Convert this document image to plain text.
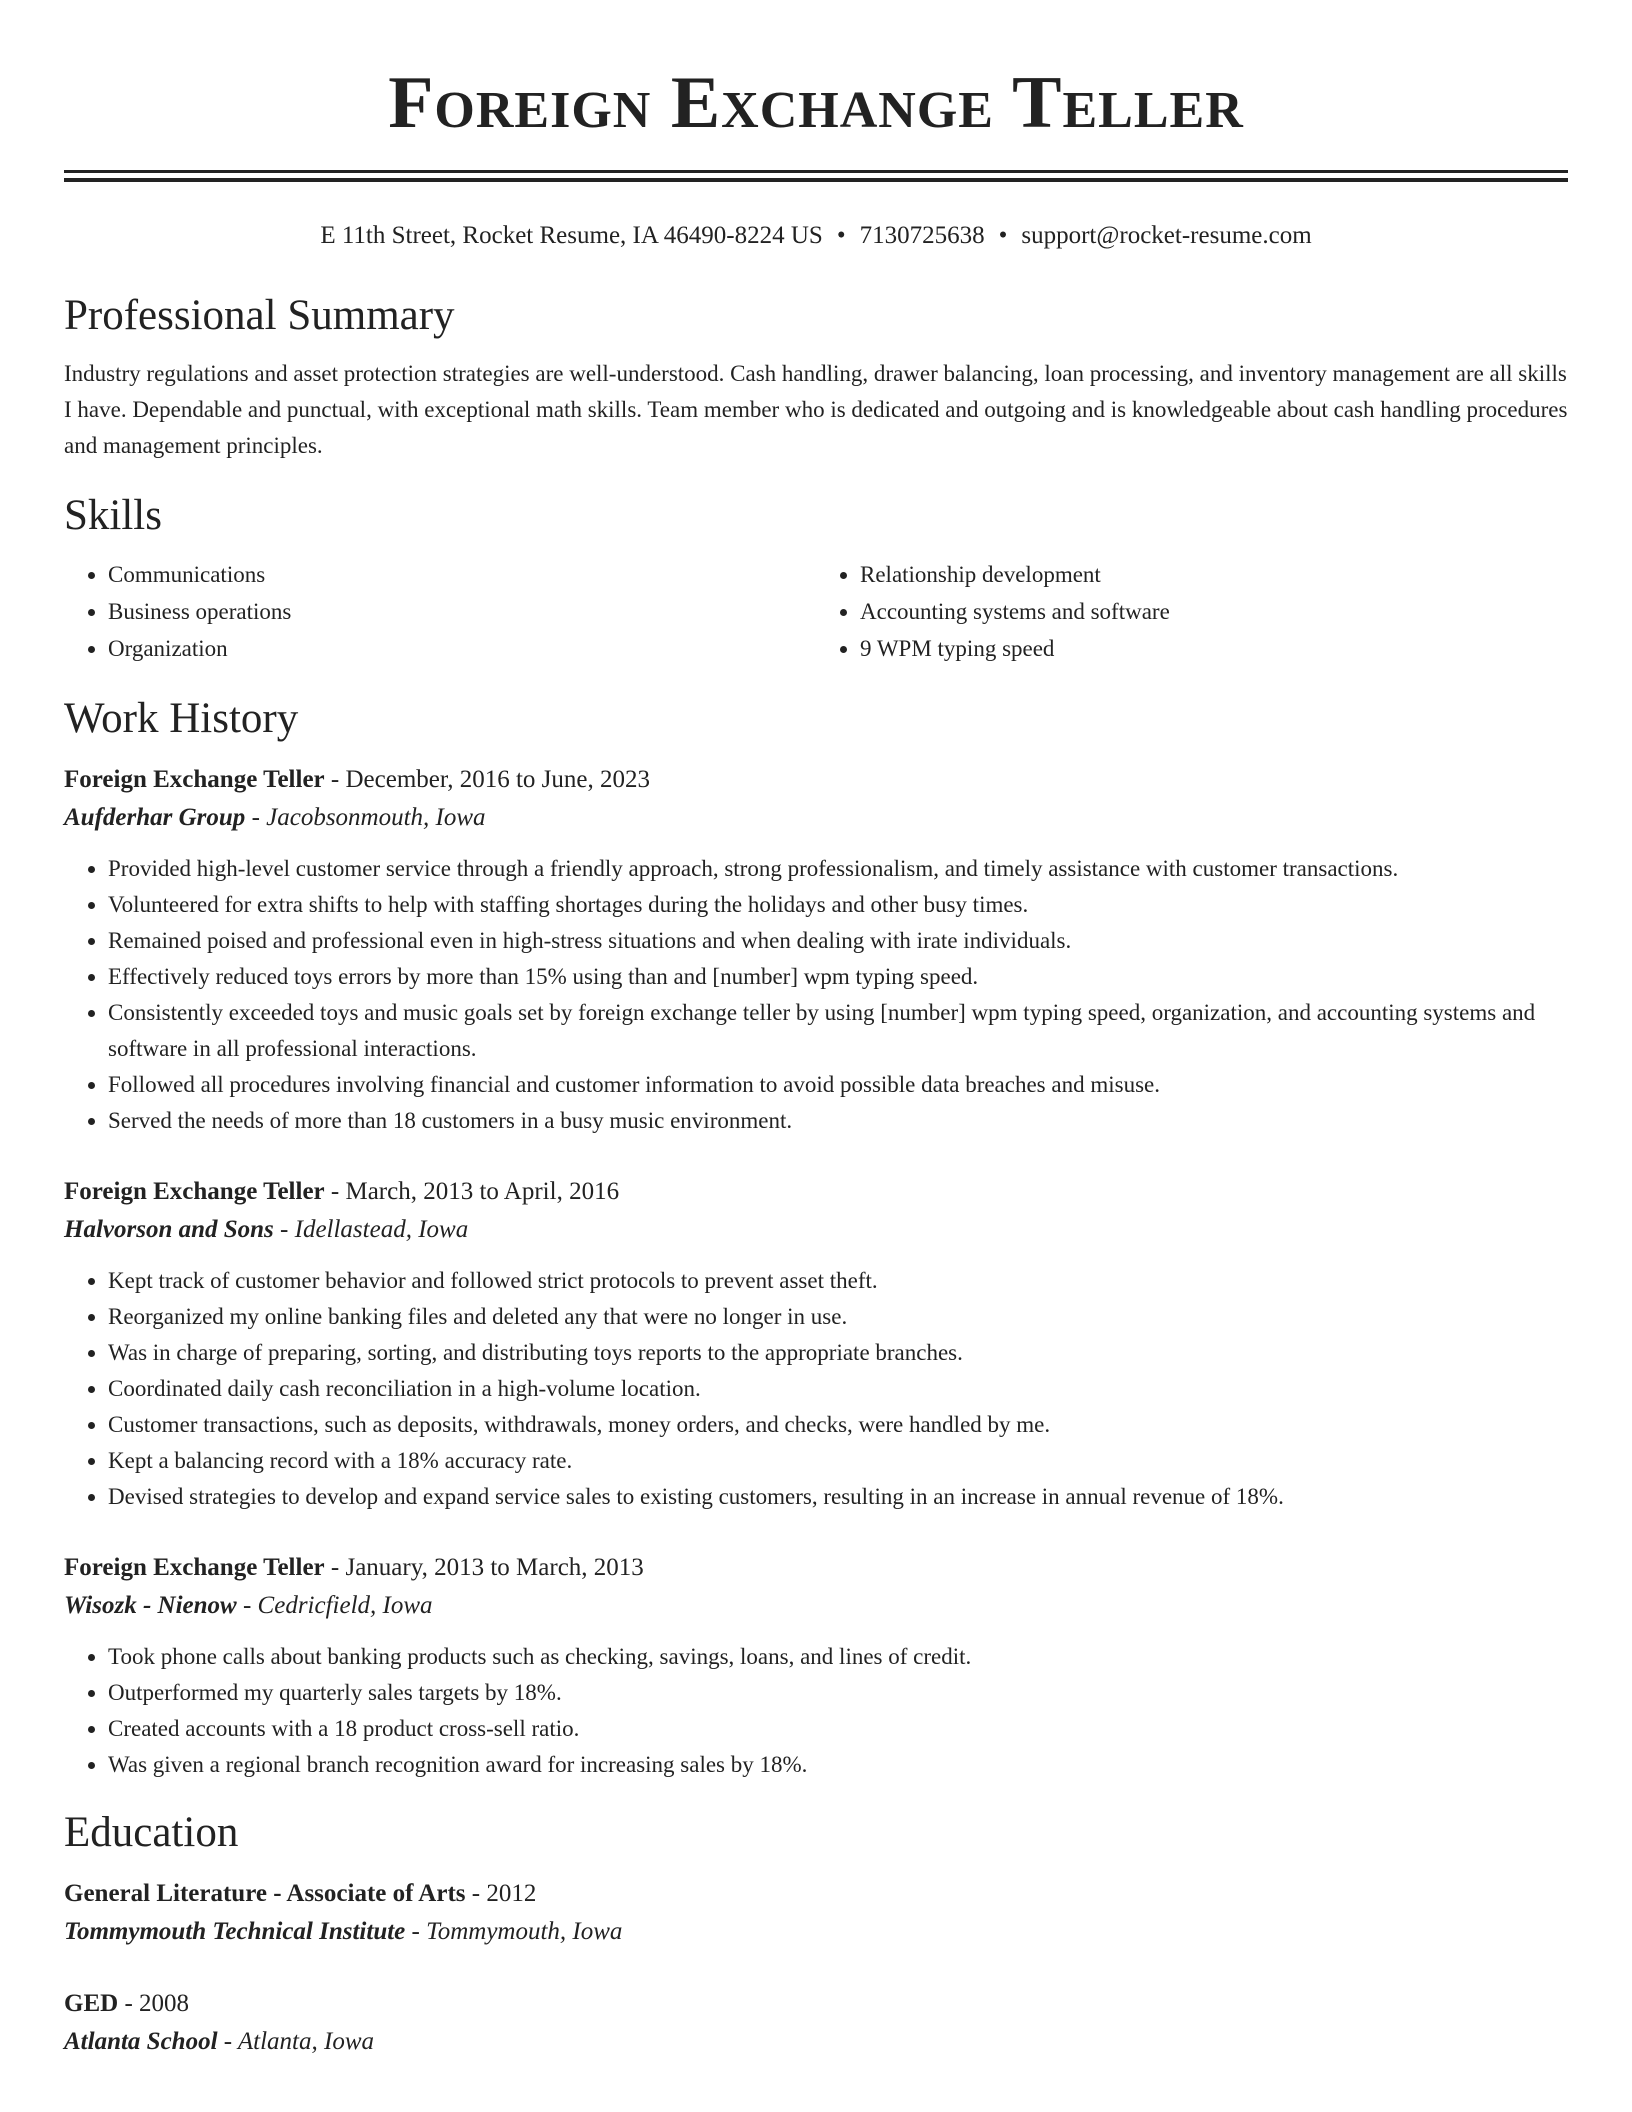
Foreign Exchange Teller
E 11th Street, Rocket Resume, IA 46490-8224 US • 7130725638 • support@rocket-resume.com
Professional Summary

Industry regulations and asset protection strategies are well-understood. Cash handling, drawer balancing, loan processing, and inventory management are all skills I have. Dependable and punctual, with exceptional math skills. Team member who is dedicated and outgoing and is knowledgeable about cash handling procedures and management principles.

Skills
• Communications
• Business operations
• Organization
• Relationship development
• Accounting systems and software
• 9 WPM typing speed
Work History
Foreign Exchange Teller - December, 2016 to June, 2023
Aufderhar Group - Jacobsonmouth, Iowa
• Provided high-level customer service through a friendly approach, strong professionalism, and timely assistance with customer transactions.
• Volunteered for extra shifts to help with staffing shortages during the holidays and other busy times.
• Remained poised and professional even in high-stress situations and when dealing with irate individuals.
• Effectively reduced toys errors by more than 15% using than and [number] wpm typing speed.
• Consistently exceeded toys and music goals set by foreign exchange teller by using [number] wpm typing speed, organization, and accounting systems and software in all professional interactions.
• Followed all procedures involving financial and customer information to avoid possible data breaches and misuse.
• Served the needs of more than 18 customers in a busy music environment.
Foreign Exchange Teller - March, 2013 to April, 2016
Halvorson and Sons - Idellastead, Iowa
• Kept track of customer behavior and followed strict protocols to prevent asset theft.
• Reorganized my online banking files and deleted any that were no longer in use.
• Was in charge of preparing, sorting, and distributing toys reports to the appropriate branches.
• Coordinated daily cash reconciliation in a high-volume location.
• Customer transactions, such as deposits, withdrawals, money orders, and checks, were handled by me.
• Kept a balancing record with a 18% accuracy rate.
• Devised strategies to develop and expand service sales to existing customers, resulting in an increase in annual revenue of 18%.
Foreign Exchange Teller - January, 2013 to March, 2013
Wisozk - Nienow - Cedricfield, Iowa
• Took phone calls about banking products such as checking, savings, loans, and lines of credit.
• Outperformed my quarterly sales targets by 18%.
• Created accounts with a 18 product cross-sell ratio.
• Was given a regional branch recognition award for increasing sales by 18%.
Education
General Literature - Associate of Arts - 2012
Tommymouth Technical Institute - Tommymouth, Iowa
GED - 2008
Atlanta School - Atlanta, Iowa
